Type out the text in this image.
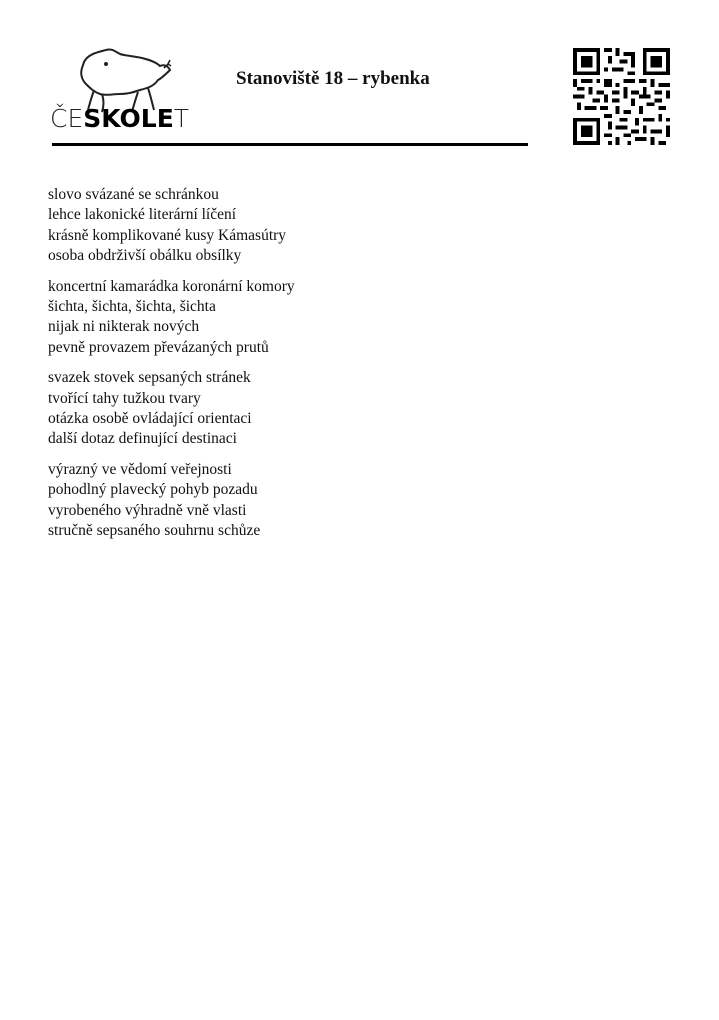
ČESKOLET
Stanoviště 18 – rybenka
slovo svázané se schránkou
lehce lakonické literární líčení
krásně komplikované kusy Kámasútry
osoba obdrživší obálku obsílky
koncertní kamarádka koronární komory
šichta, šichta, šichta, šichta
nijak ni nikterak nových
pevně provazem převázaných prutů
svazek stovek sepsaných stránek
tvořící tahy tužkou tvary
otázka osobě ovládající orientaci
další dotaz definující destinaci
výrazný ve vědomí veřejnosti
pohodlný plavecký pohyb pozadu
vyrobeného výhradně vně vlasti
stručně sepsaného souhrnu schůze
